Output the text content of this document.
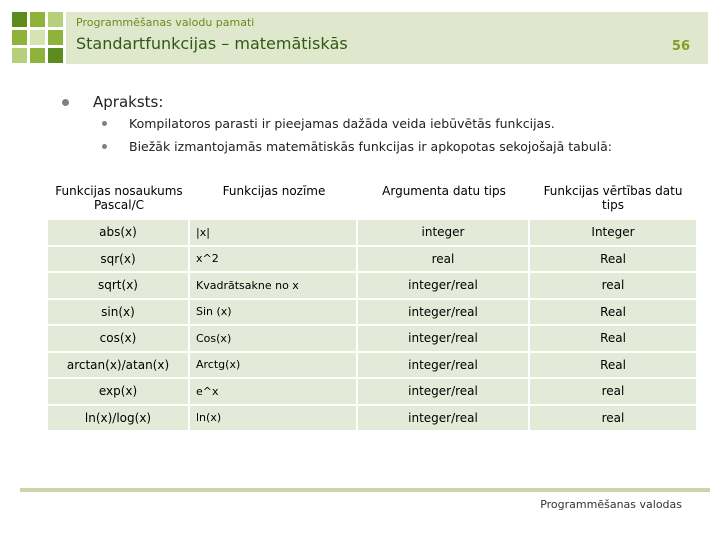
Programmēšanas valodu pamati
Standartfunkcijas – matemātiskās	56
Apraksts:
Kompilatoros parasti ir pieejamas dažāda veida iebūvētās funkcijas.
Biežāk izmantojamās matemātiskās funkcijas ir apkopotas sekojošajā tabulā:
Funkcijas nosaukums Pascal/C	Funkcijas nozīme	Argumenta datu tips	Funkcijas vērtības datu tips
abs(x)	|x|	integer	Integer
sqr(x)	x^2	real	Real
sqrt(x)	Kvadrātsakne no x	integer/real	real
sin(x)	Sin (x)	integer/real	Real
cos(x)	Cos(x)	integer/real	Real
arctan(x)/atan(x)	Arctg(x)	integer/real	Real
exp(x)	e^x	integer/real	real
ln(x)/log(x)	ln(x)	integer/real	real
Programmēšanas valodas
